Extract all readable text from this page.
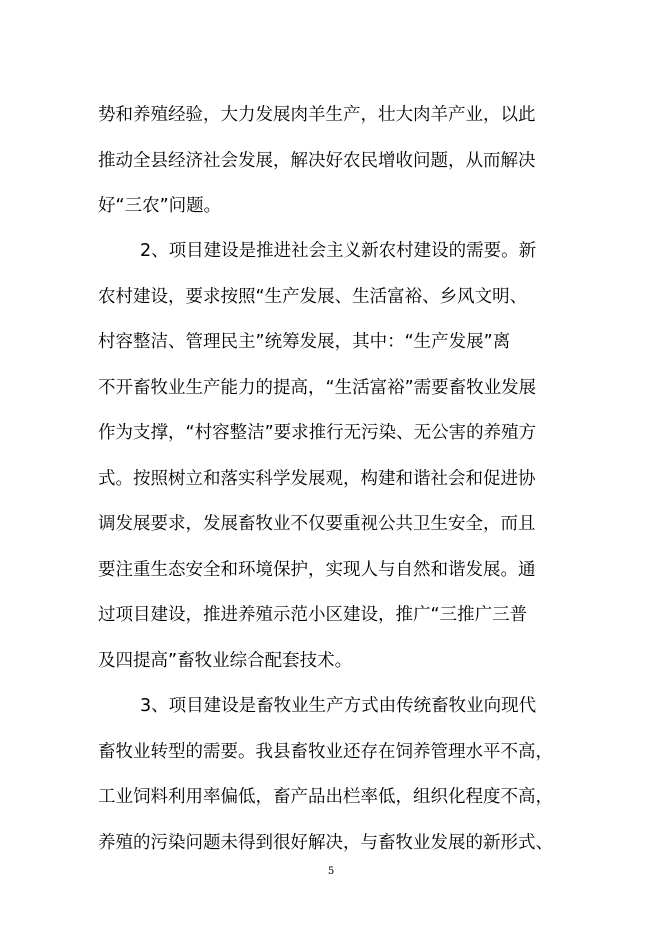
势和养殖经验，大力发展肉羊生产，壮大肉羊产业，以此
推动全县经济社会发展，解决好农民增收问题，从而解决
好“三农”问题。
2、项目建设是推进社会主义新农村建设的需要。新
农村建设，要求按照“生产发展、生活富裕、乡风文明、
村容整洁、管理民主”统筹发展，其中：“生产发展”离
不开畜牧业生产能力的提高，“生活富裕”需要畜牧业发展
作为支撑，“村容整洁”要求推行无污染、无公害的养殖方
式。按照树立和落实科学发展观，构建和谐社会和促进协
调发展要求，发展畜牧业不仅要重视公共卫生安全，而且
要注重生态安全和环境保护，实现人与自然和谐发展。通
过项目建设，推进养殖示范小区建设，推广“三推广三普
及四提高”畜牧业综合配套技术。
3、项目建设是畜牧业生产方式由传统畜牧业向现代
畜牧业转型的需要。我县畜牧业还存在饲养管理水平不高，
工业饲料利用率偏低，畜产品出栏率低，组织化程度不高，
养殖的污染问题未得到很好解决，与畜牧业发展的新形式、
5
